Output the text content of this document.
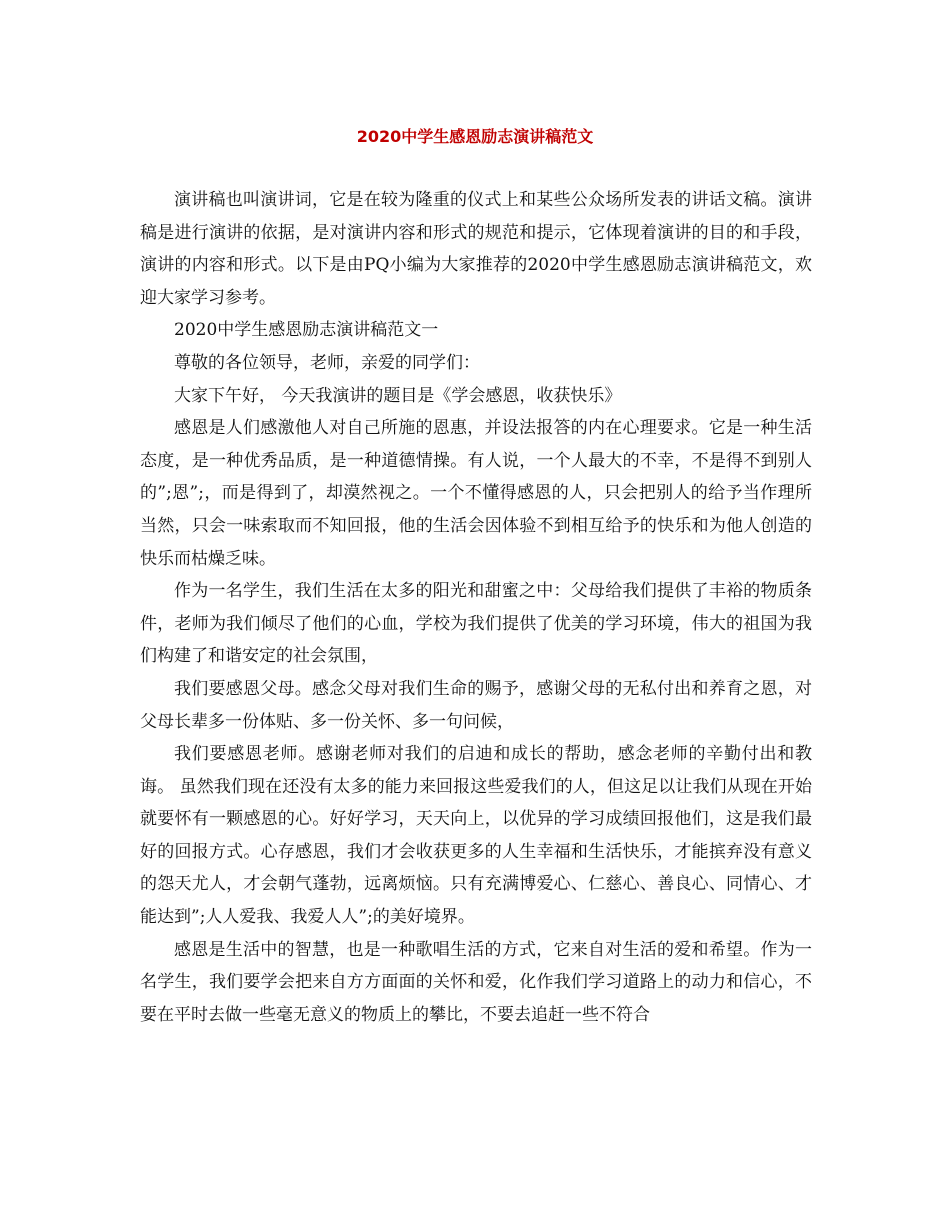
2020中学生感恩励志演讲稿范文

演讲稿也叫演讲词，它是在较为隆重的仪式上和某些公众场所发表的讲话文稿。演讲稿是进行演讲的依据，是对演讲内容和形式的规范和提示，它体现着演讲的目的和手段，演讲的内容和形式。以下是由PQ小编为大家推荐的2020中学生感恩励志演讲稿范文，欢迎大家学习参考。

2020中学生感恩励志演讲稿范文一

尊敬的各位领导，老师，亲爱的同学们：

大家下午好， 今天我演讲的题目是《学会感恩，收获快乐》

感恩是人们感激他人对自己所施的恩惠，并设法报答的内在心理要求。它是一种生活态度，是一种优秀品质，是一种道德情操。有人说，一个人最大的不幸，不是得不到别人的”;恩”;，而是得到了，却漠然视之。一个不懂得感恩的人，只会把别人的给予当作理所当然，只会一味索取而不知回报，他的生活会因体验不到相互给予的快乐和为他人创造的快乐而枯燥乏味。

作为一名学生，我们生活在太多的阳光和甜蜜之中：父母给我们提供了丰裕的物质条件，老师为我们倾尽了他们的心血，学校为我们提供了优美的学习环境，伟大的祖国为我们构建了和谐安定的社会氛围，

我们要感恩父母。感念父母对我们生命的赐予，感谢父母的无私付出和养育之恩，对父母长辈多一份体贴、多一份关怀、多一句问候，

我们要感恩老师。感谢老师对我们的启迪和成长的帮助，感念老师的辛勤付出和教诲。 虽然我们现在还没有太多的能力来回报这些爱我们的人，但这足以让我们从现在开始就要怀有一颗感恩的心。好好学习，天天向上，以优异的学习成绩回报他们，这是我们最好的回报方式。心存感恩，我们才会收获更多的人生幸福和生活快乐，才能摈弃没有意义的怨天尤人，才会朝气蓬勃，远离烦恼。只有充满博爱心、仁慈心、善良心、同情心、才能达到”;人人爱我、我爱人人”;的美好境界。

感恩是生活中的智慧，也是一种歌唱生活的方式，它来自对生活的爱和希望。作为一名学生，我们要学会把来自方方面面的关怀和爱，化作我们学习道路上的动力和信心，不要在平时去做一些毫无意义的物质上的攀比，不要去追赶一些不符合
